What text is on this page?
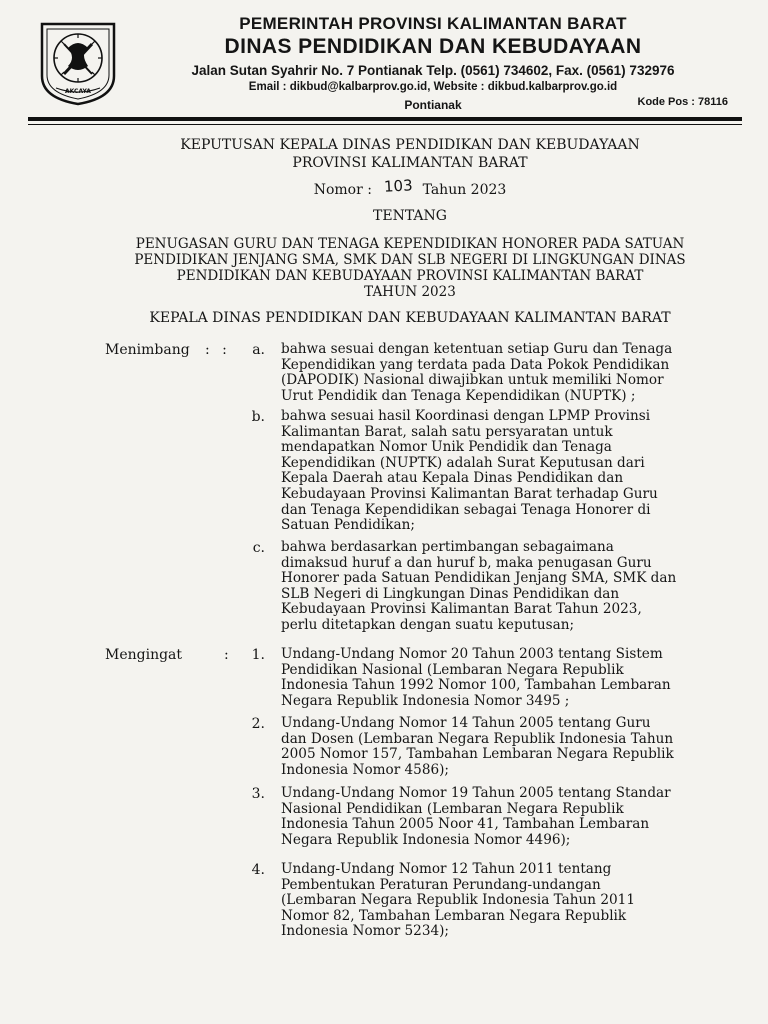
AKCAYA
PEMERINTAH PROVINSI KALIMANTAN BARAT
DINAS PENDIDIKAN DAN KEBUDAYAAN
Jalan Sutan Syahrir No. 7 Pontianak Telp. (0561) 734602, Fax. (0561) 732976
Email : dikbud@kalbarprov.go.id, Website : dikbud.kalbarprov.go.id
Pontianak	Kode Pos : 78116
KEPUTUSAN KEPALA DINAS PENDIDIKAN DAN KEBUDAYAAN
PROVINSI KALIMANTAN BARAT
Nomor : 103 Tahun 2023
TENTANG
PENUGASAN GURU DAN TENAGA KEPENDIDIKAN HONORER PADA SATUAN
PENDIDIKAN JENJANG SMA, SMK DAN SLB NEGERI DI LINGKUNGAN DINAS
PENDIDIKAN DAN KEBUDAYAAN PROVINSI KALIMANTAN BARAT
TAHUN 2023
KEPALA DINAS PENDIDIKAN DAN KEBUDAYAAN KALIMANTAN BARAT
Menimbang : :	a. bahwa sesuai dengan ketentuan setiap Guru dan Tenaga
Kependidikan yang terdata pada Data Pokok Pendidikan
(DAPODIK) Nasional diwajibkan untuk memiliki Nomor
Urut Pendidik dan Tenaga Kependidikan (NUPTK) ;
b. bahwa sesuai hasil Koordinasi dengan LPMP Provinsi
Kalimantan Barat, salah satu persyaratan untuk
mendapatkan Nomor Unik Pendidik dan Tenaga
Kependidikan (NUPTK) adalah Surat Keputusan dari
Kepala Daerah atau Kepala Dinas Pendidikan dan
Kebudayaan Provinsi Kalimantan Barat terhadap Guru
dan Tenaga Kependidikan sebagai Tenaga Honorer di
Satuan Pendidikan;
c. bahwa berdasarkan pertimbangan sebagaimana
dimaksud huruf a dan huruf b, maka penugasan Guru
Honorer pada Satuan Pendidikan Jenjang SMA, SMK dan
SLB Negeri di Lingkungan Dinas Pendidikan dan
Kebudayaan Provinsi Kalimantan Barat Tahun 2023,
perlu ditetapkan dengan suatu keputusan;
Mengingat	:	1. Undang-Undang Nomor 20 Tahun 2003 tentang Sistem
Pendidikan Nasional (Lembaran Negara Republik
Indonesia Tahun 1992 Nomor 100, Tambahan Lembaran
Negara Republik Indonesia Nomor 3495 ;
2. Undang-Undang Nomor 14 Tahun 2005 tentang Guru
dan Dosen (Lembaran Negara Republik Indonesia Tahun
2005 Nomor 157, Tambahan Lembaran Negara Republik
Indonesia Nomor 4586);
3. Undang-Undang Nomor 19 Tahun 2005 tentang Standar
Nasional Pendidikan (Lembaran Negara Republik
Indonesia Tahun 2005 Noor 41, Tambahan Lembaran
Negara Republik Indonesia Nomor 4496);
4. Undang-Undang Nomor 12 Tahun 2011 tentang
Pembentukan Peraturan Perundang-undangan
(Lembaran Negara Republik Indonesia Tahun 2011
Nomor 82, Tambahan Lembaran Negara Republik
Indonesia Nomor 5234);
